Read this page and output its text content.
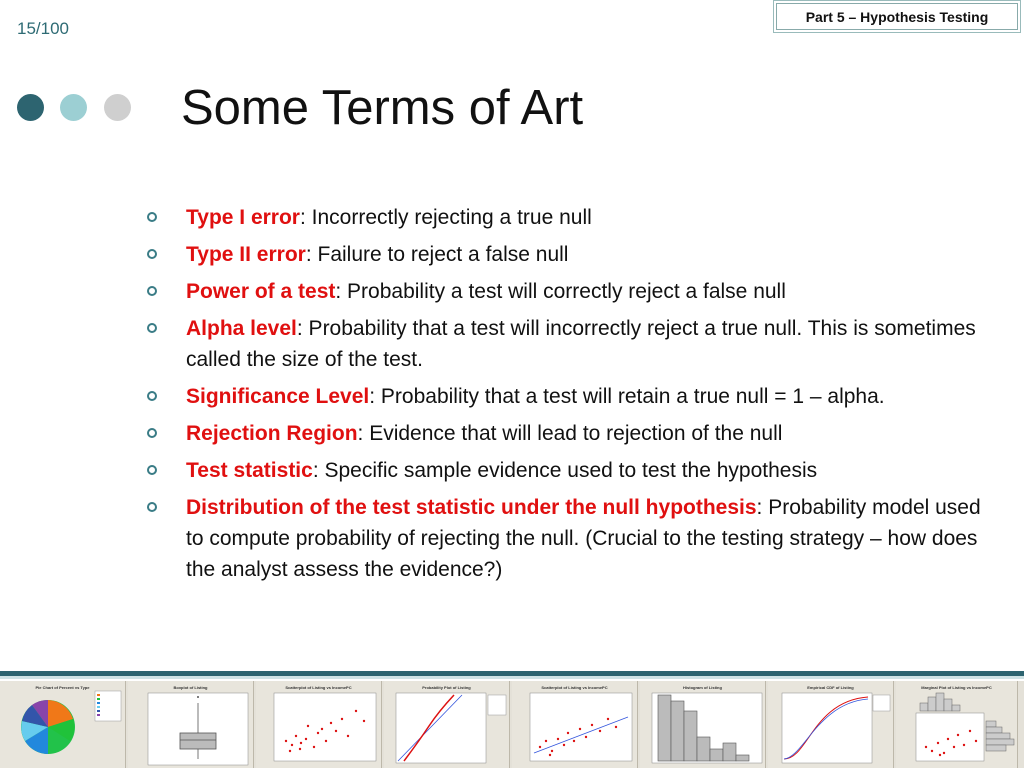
15/100
Part 5 – Hypothesis Testing
Some Terms of Art
Type I error: Incorrectly rejecting a true null
Type II error: Failure to reject a false null
Power of a test: Probability a test will correctly reject a false null
Alpha level: Probability that a test will incorrectly reject a true null. This is sometimes called the size of the test.
Significance Level: Probability that a test will retain a true null = 1 – alpha.
Rejection Region: Evidence that will lead to rejection of the null
Test statistic: Specific sample evidence used to test the hypothesis
Distribution of the test statistic under the null hypothesis: Probability model used to compute probability of rejecting the null. (Crucial to the testing strategy – how does the analyst assess the evidence?)
Pie Chart of Percent vs Type	Boxplot of Listing	Scatterplot of Listing vs IncomePC	Probability Plot of Listing	Scatterplot of Listing vs IncomePC	Histogram of Listing	Empirical CDF of Listing	Marginal Plot of Listing vs IncomePC
